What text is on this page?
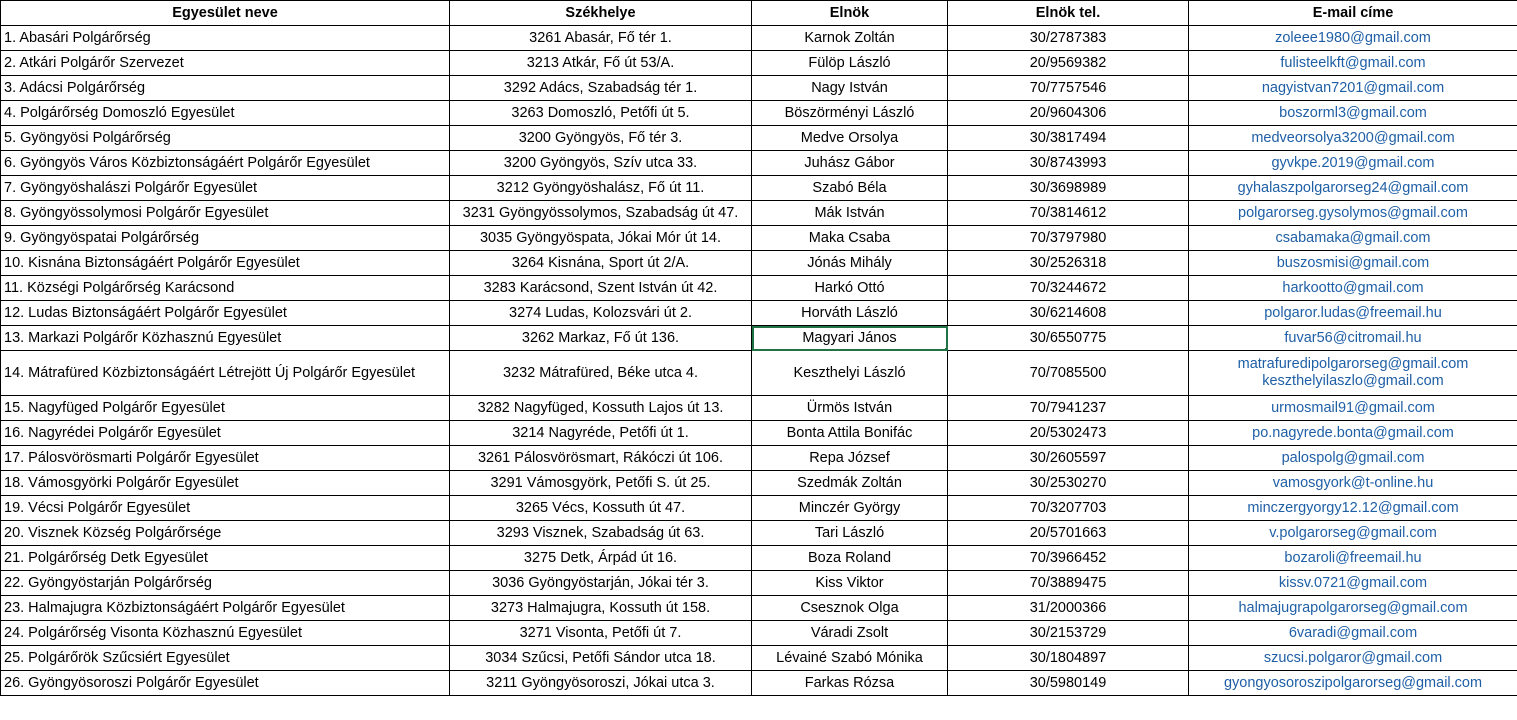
Egyesület neve	Székhelye	Elnök	Elnök tel.	E-mail címe
1. Abasári Polgárőrség	3261 Abasár, Fő tér 1.	Karnok Zoltán	30/2787383	zoleee1980@gmail.com

2. Atkári Polgárőr Szervezet	3213 Atkár, Fő út 53/A.	Fülöp László	20/9569382	fulisteelkft@gmail.com

3. Adácsi Polgárőrség	3292 Adács, Szabadság tér 1.	Nagy István	70/7757546	nagyistvan7201@gmail.com

4. Polgárőrség Domoszló Egyesület	3263 Domoszló, Petőfi út 5.	Böszörményi László	20/9604306	boszorml3@gmail.com

5. Gyöngyösi Polgárőrség	3200 Gyöngyös, Fő tér 3.	Medve Orsolya	30/3817494	medveorsolya3200@gmail.com

6. Gyöngyös Város Közbiztonságáért Polgárőr Egyesület	3200 Gyöngyös, Szív utca 33.	Juhász Gábor	30/8743993	gyvkpe.2019@gmail.com

7. Gyöngyöshalászi Polgárőr Egyesület	3212 Gyöngyöshalász, Fő út 11.	Szabó Béla	30/3698989	gyhalaszpolgarorseg24@gmail.com

8. Gyöngyössolymosi Polgárőr Egyesület	3231 Gyöngyössolymos, Szabadság út 47.	Mák István	70/3814612	polgarorseg.gysolymos@gmail.com

9. Gyöngyöspatai Polgárőrség	3035 Gyöngyöspata, Jókai Mór út 14.	Maka Csaba	70/3797980	csabamaka@gmail.com

10. Kisnána Biztonságáért Polgárőr Egyesület	3264 Kisnána, Sport út 2/A.	Jónás Mihály	30/2526318	buszosmisi@gmail.com

11. Községi Polgárőrség Karácsond	3283 Karácsond, Szent István út 42.	Harkó Ottó	70/3244672	harkootto@gmail.com

12. Ludas Biztonságáért Polgárőr Egyesület	3274 Ludas, Kolozsvári út 2.	Horváth László	30/6214608	polgaror.ludas@freemail.hu

13. Markazi Polgárőr Közhasznú Egyesület	3262 Markaz, Fő út 136.	Magyari János	30/6550775	fuvar56@citromail.hu

14. Mátrafüred Közbiztonságáért Létrejött Új Polgárőr Egyesület	3232 Mátrafüred, Béke utca 4.	Keszthelyi László	70/7085500	matrafuredipolgarorseg@gmail.com
keszthelyilaszlo@gmail.com

15. Nagyfüged Polgárőr Egyesület	3282 Nagyfüged, Kossuth Lajos út 13.	Ürmös István	70/7941237	urmosmail91@gmail.com

16. Nagyrédei Polgárőr Egyesület	3214 Nagyréde, Petőfi út 1.	Bonta Attila Bonifác	20/5302473	po.nagyrede.bonta@gmail.com

17. Pálosvörösmarti Polgárőr Egyesület	3261 Pálosvörösmart, Rákóczi út 106.	Repa József	30/2605597	palospolg@gmail.com

18. Vámosgyörki Polgárőr Egyesület	3291 Vámosgyörk, Petőfi S. út 25.	Szedmák Zoltán	30/2530270	vamosgyork@t-online.hu

19. Vécsi Polgárőr Egyesület	3265 Vécs, Kossuth út 47.	Minczér György	70/3207703	minczergyorgy12.12@gmail.com

20. Visznek Község Polgárőrsége	3293 Visznek, Szabadság út 63.	Tari László	20/5701663	v.polgarorseg@gmail.com

21. Polgárőrség Detk Egyesület	3275 Detk, Árpád út 16.	Boza Roland	70/3966452	bozaroli@freemail.hu

22. Gyöngyöstarján Polgárőrség	3036 Gyöngyöstarján, Jókai tér 3.	Kiss Viktor	70/3889475	kissv.0721@gmail.com

23. Halmajugra Közbiztonságáért Polgárőr Egyesület	3273 Halmajugra, Kossuth út 158.	Csesznok Olga	31/2000366	halmajugrapolgarorseg@gmail.com

24. Polgárőrség Visonta Közhasznú Egyesület	3271 Visonta, Petőfi út 7.	Váradi Zsolt	30/2153729	6varadi@gmail.com

25. Polgárőrök Szűcsiért Egyesület	3034 Szűcsi, Petőfi Sándor utca 18.	Lévainé Szabó Mónika	30/1804897	szucsi.polgaror@gmail.com

26. Gyöngyösoroszi Polgárőr Egyesület	3211 Gyöngyösoroszi, Jókai utca 3.	Farkas Rózsa	30/5980149	gyongyosoroszipolgarorseg@gmail.com
